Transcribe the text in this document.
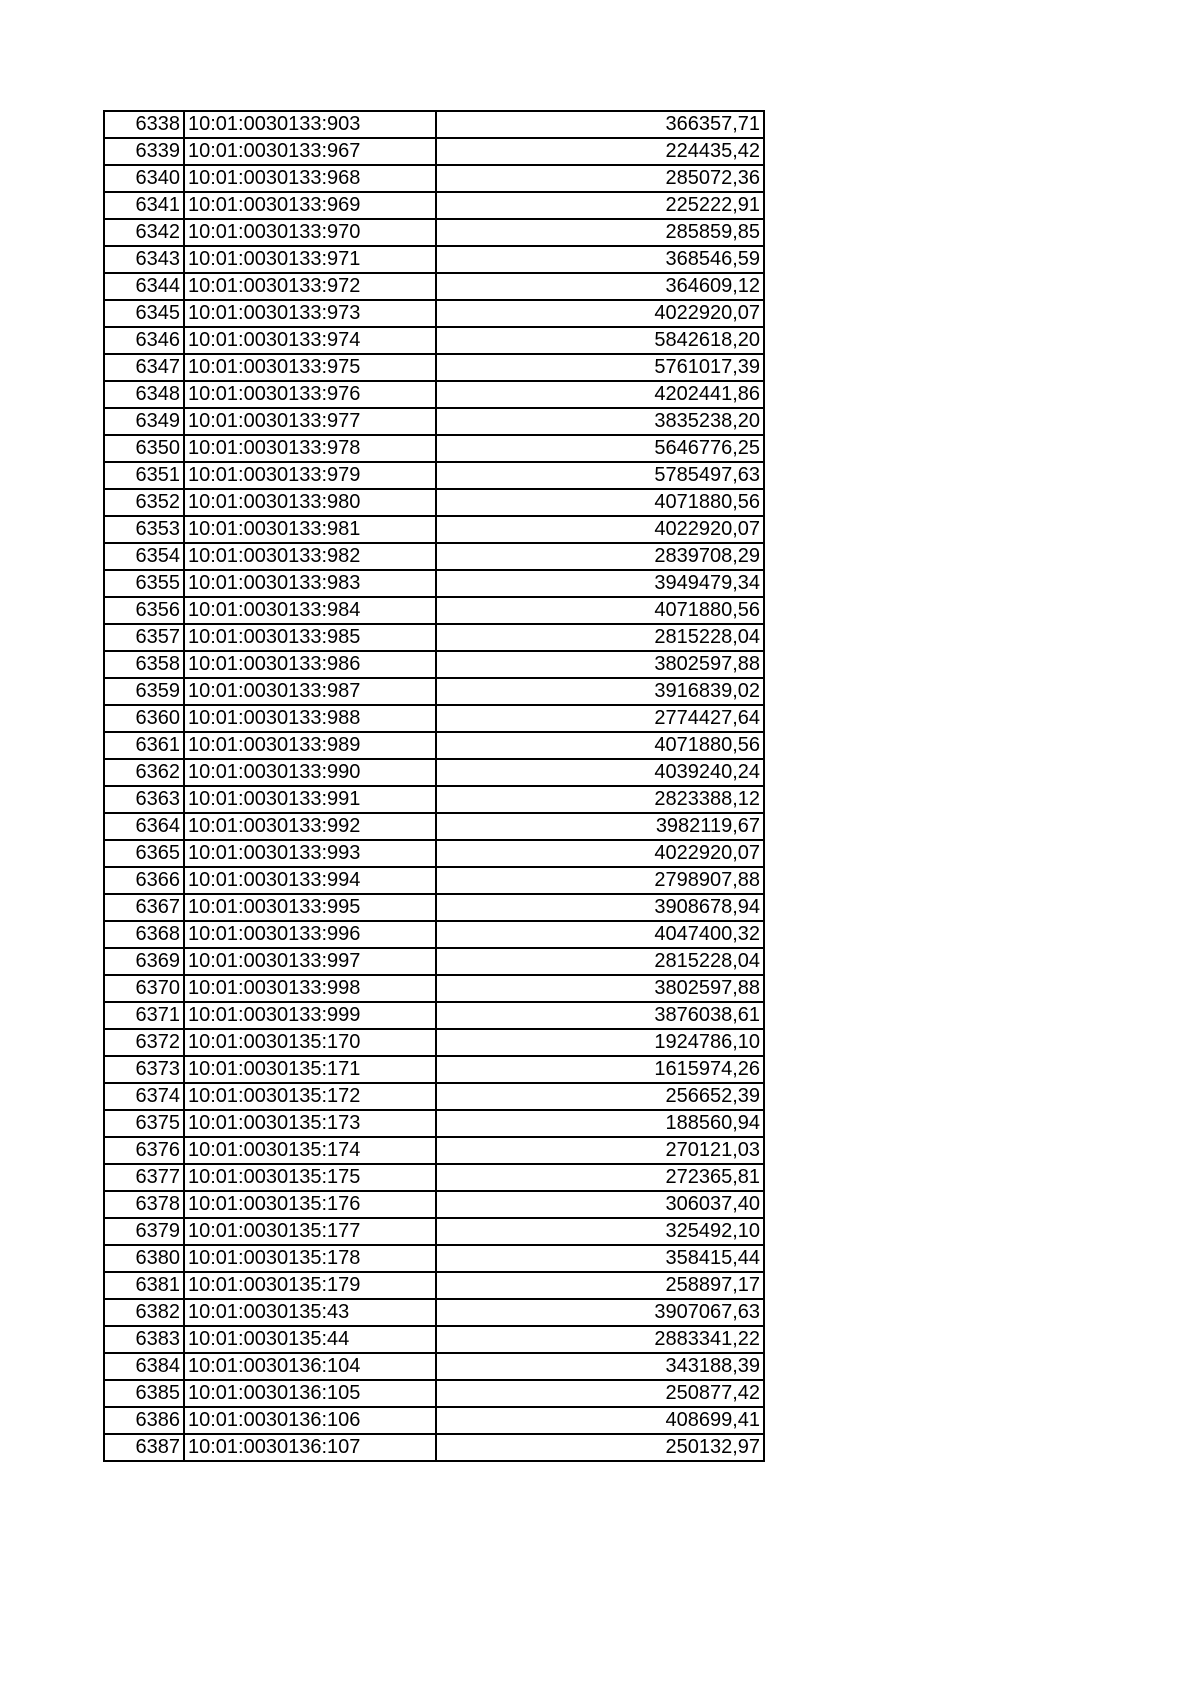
6338	10:01:0030133:903	366357,71
6339	10:01:0030133:967	224435,42
6340	10:01:0030133:968	285072,36
6341	10:01:0030133:969	225222,91
6342	10:01:0030133:970	285859,85
6343	10:01:0030133:971	368546,59
6344	10:01:0030133:972	364609,12
6345	10:01:0030133:973	4022920,07
6346	10:01:0030133:974	5842618,20
6347	10:01:0030133:975	5761017,39
6348	10:01:0030133:976	4202441,86
6349	10:01:0030133:977	3835238,20
6350	10:01:0030133:978	5646776,25
6351	10:01:0030133:979	5785497,63
6352	10:01:0030133:980	4071880,56
6353	10:01:0030133:981	4022920,07
6354	10:01:0030133:982	2839708,29
6355	10:01:0030133:983	3949479,34
6356	10:01:0030133:984	4071880,56
6357	10:01:0030133:985	2815228,04
6358	10:01:0030133:986	3802597,88
6359	10:01:0030133:987	3916839,02
6360	10:01:0030133:988	2774427,64
6361	10:01:0030133:989	4071880,56
6362	10:01:0030133:990	4039240,24
6363	10:01:0030133:991	2823388,12
6364	10:01:0030133:992	3982119,67
6365	10:01:0030133:993	4022920,07
6366	10:01:0030133:994	2798907,88
6367	10:01:0030133:995	3908678,94
6368	10:01:0030133:996	4047400,32
6369	10:01:0030133:997	2815228,04
6370	10:01:0030133:998	3802597,88
6371	10:01:0030133:999	3876038,61
6372	10:01:0030135:170	1924786,10
6373	10:01:0030135:171	1615974,26
6374	10:01:0030135:172	256652,39
6375	10:01:0030135:173	188560,94
6376	10:01:0030135:174	270121,03
6377	10:01:0030135:175	272365,81
6378	10:01:0030135:176	306037,40
6379	10:01:0030135:177	325492,10
6380	10:01:0030135:178	358415,44
6381	10:01:0030135:179	258897,17
6382	10:01:0030135:43	3907067,63
6383	10:01:0030135:44	2883341,22
6384	10:01:0030136:104	343188,39
6385	10:01:0030136:105	250877,42
6386	10:01:0030136:106	408699,41
6387	10:01:0030136:107	250132,97
